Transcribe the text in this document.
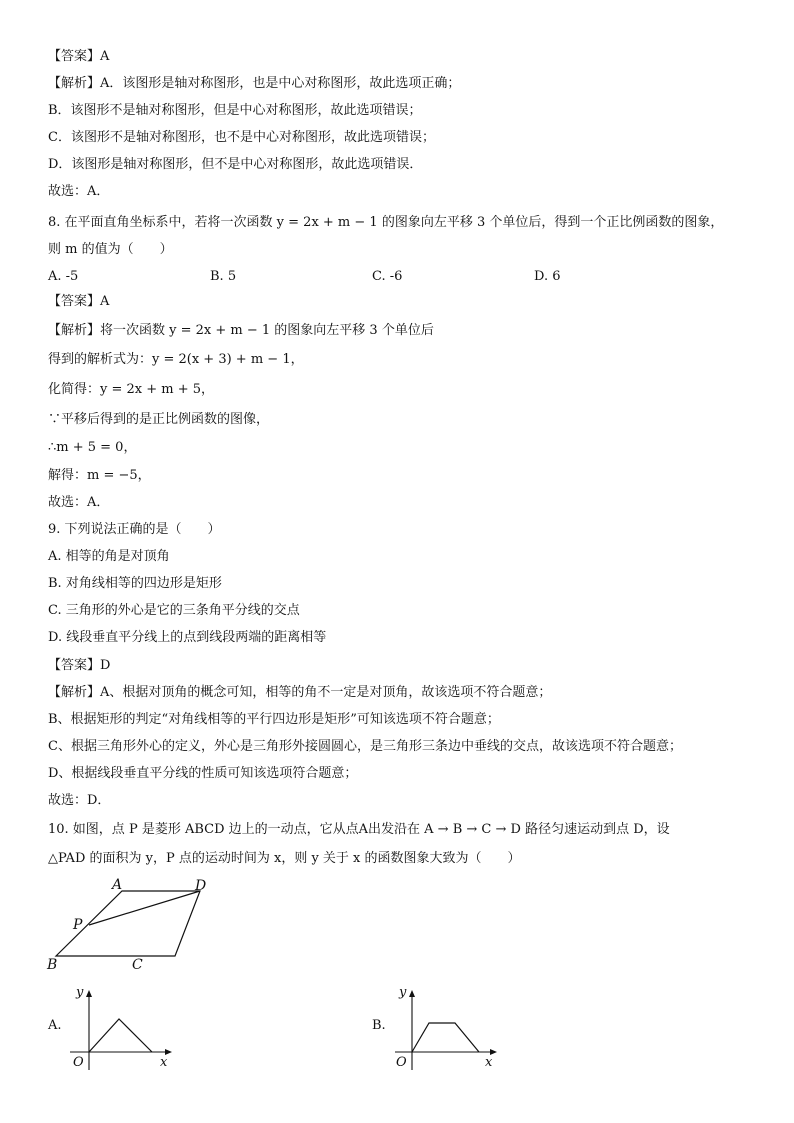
【答案】A
【解析】A．该图形是轴对称图形，也是中心对称图形，故此选项正确；
B．该图形不是轴对称图形，但是中心对称图形，故此选项错误；
C．该图形不是轴对称图形，也不是中心对称图形，故此选项错误；
D．该图形是轴对称图形，但不是中心对称图形，故此选项错误．
故选：A．
8. 在平面直角坐标系中，若将一次函数 y = 2x + m − 1 的图象向左平移 3 个单位后，得到一个正比例函数的图象，
则 m 的值为（　　）
A. -5	B. 5	C. -6	D. 6
【答案】A
【解析】将一次函数 y = 2x + m − 1 的图象向左平移 3 个单位后
得到的解析式为：y = 2(x + 3) + m − 1，
化简得：y = 2x + m + 5，
∵平移后得到的是正比例函数的图像，
∴m + 5 = 0，
解得：m = −5，
故选：A．
9. 下列说法正确的是（　　）
A. 相等的角是对顶角
B. 对角线相等的四边形是矩形
C. 三角形的外心是它的三条角平分线的交点
D. 线段垂直平分线上的点到线段两端的距离相等
【答案】D
【解析】A、根据对顶角的概念可知，相等的角不一定是对顶角，故该选项不符合题意；
B、根据矩形的判定“对角线相等的平行四边形是矩形”可知该选项不符合题意；
C、根据三角形外心的定义，外心是三角形外接圆圆心，是三角形三条边中垂线的交点，故该选项不符合题意；
D、根据线段垂直平分线的性质可知该选项符合题意；
故选：D．
10. 如图，点 P 是菱形 ABCD 边上的一动点，它从点A出发沿在 A → B → C → D 路径匀速运动到点 D，设
△PAD 的面积为 y，P 点的运动时间为 x，则 y 关于 x 的函数图象大致为（　　）
A	D
P
B	C
A.
y
x
O
B.
y
x
O
